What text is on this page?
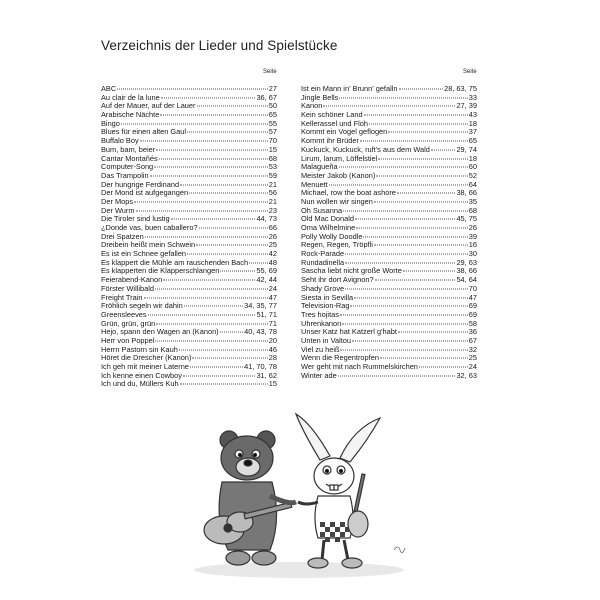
Verzeichnis der Lieder und Spielstücke
Seite	Seite
ABC	27
Au clair de la lune	36, 67
Auf der Mauer, auf der Lauer	50
Arabische Nächte	65
Bingo	55
Blues für einen alten Gaul	57
Buffalo Boy	70
Bum, bam, beier	15
Cantar Montañés	68
Computer-Song	53
Das Trampolin	59
Der hungrige Ferdinand	21
Der Mond ist aufgegangen	56
Der Mops	21
Der Wurm	23
Die Tiroler sind lustig	44, 73
¿Donde vas, buen caballero?	66
Drei Spatzen	26
Dreibein heißt mein Schwein	25
Es ist ein Schnee gefallen	42
Es klappert die Mühle am rauschenden Bach	48
Es klapperten die Klapperschlangen	55, 69
Feierabend-Kanon	42, 44
Förster Willibald	24
Freight Train	47
Fröhlich segeln wir dahin	34, 35, 77
Greensleeves	51, 71
Grün, grün, grün	71
Hejo, spann den Wagen an (Kanon)	40, 43, 78
Herr von Poppel	20
Herrn Pastorn sin Kauh	46
Höret die Drescher (Kanon)	28
Ich geh mit meiner Laterne	41, 70, 78
Ich kenne einen Cowboy	31, 62
Ich und du, Müllers Kuh	15
Ist ein Mann in' Brunn' gefalln	28, 63, 75
Jingle Bells	33
Kanon	27, 39
Kein schöner Land	43
Kellerassel und Floh	18
Kommt ein Vogel geflogen	37
Kommt ihr Brüder	65
Kuckuck, Kuckuck, ruft's aus dem Wald	29, 74
Lirum, larum, Löffelstiel	18
Malagueña	60
Meister Jakob (Kanon)	52
Menuett	64
Michael, row the boat ashore	38, 66
Nun wollen wir singen	35
Oh Susanna	68
Old Mac Donald	45, 75
Oma Wilhelmine	26
Polly Wolly Doodle	39
Regen, Regen, Tröpfli	16
Rock-Parade	30
Rundadinella	29, 63
Sascha liebt nicht große Worte	38, 66
Seht ihr dort Avignon?	54, 64
Shady Grove	70
Siesta in Sevilla	47
Television-Rag	69
Tres hojitas	69
Uhrenkanon	58
Unser Katz hat Katzerl g'habt	36
Unten in Valtou	67
Viel zu heiß	32
Wenn die Regentropfen	25
Wer geht mit nach Rummelskirchen	24
Winter ade	32, 63
